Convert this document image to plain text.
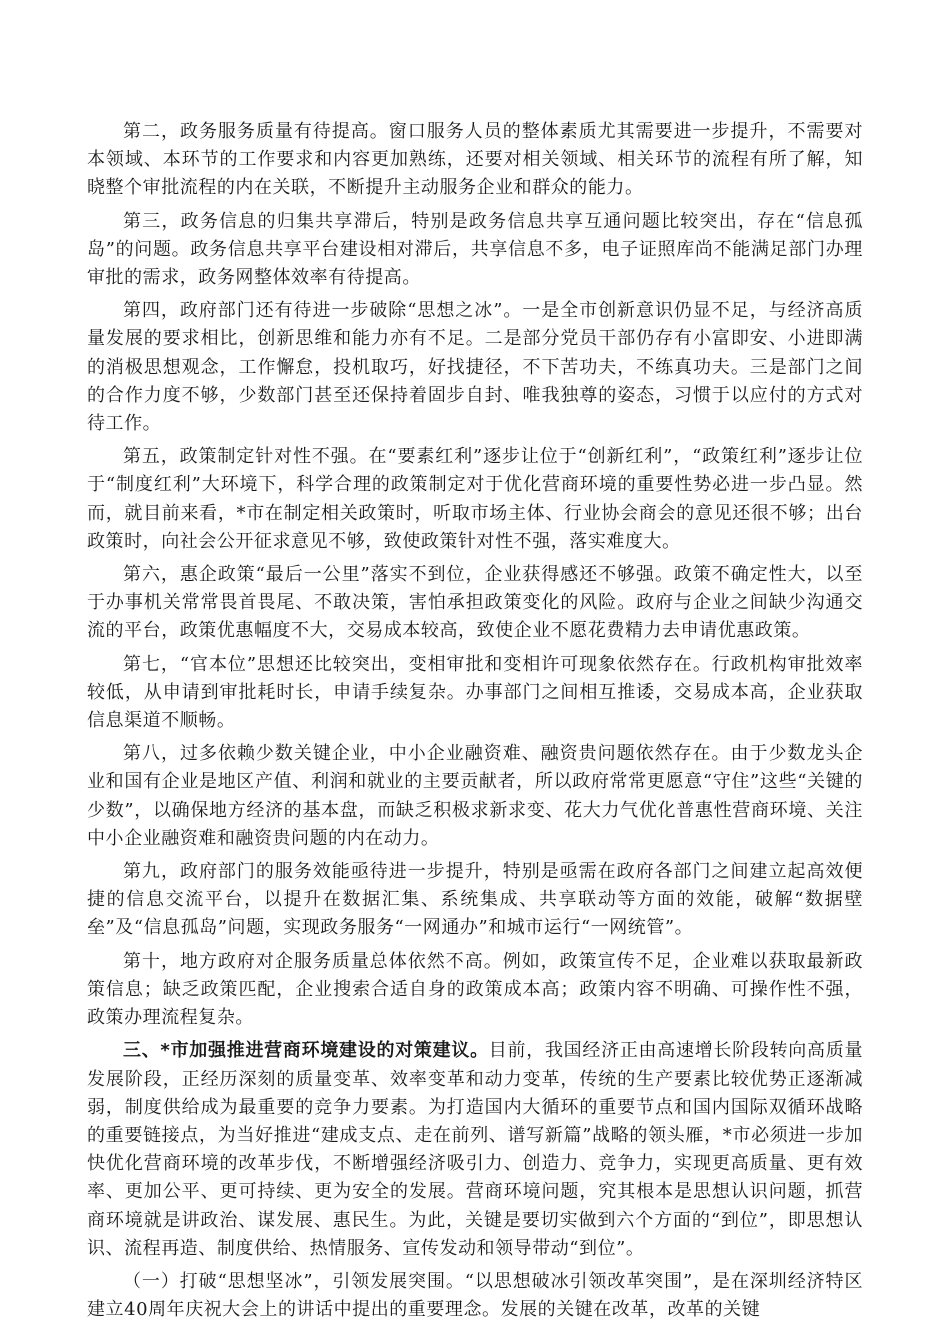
第二，政务服务质量有待提高。窗口服务人员的整体素质尤其需要进一步提升，不需要对本领域、本环节的工作要求和内容更加熟练，还要对相关领域、相关环节的流程有所了解，知晓整个审批流程的内在关联，不断提升主动服务企业和群众的能力。

第三，政务信息的归集共享滞后，特别是政务信息共享互通问题比较突出，存在“信息孤岛”的问题。政务信息共享平台建设相对滞后，共享信息不多，电子证照库尚不能满足部门办理审批的需求，政务网整体效率有待提高。

第四，政府部门还有待进一步破除“思想之冰”。一是全市创新意识仍显不足，与经济高质量发展的要求相比，创新思维和能力亦有不足。二是部分党员干部仍存有小富即安、小进即满的消极思想观念，工作懈怠，投机取巧，好找捷径，不下苦功夫，不练真功夫。三是部门之间的合作力度不够，少数部门甚至还保持着固步自封、唯我独尊的姿态，习惯于以应付的方式对待工作。

第五，政策制定针对性不强。在“要素红利”逐步让位于“创新红利”，“政策红利”逐步让位于“制度红利”大环境下，科学合理的政策制定对于优化营商环境的重要性势必进一步凸显。然而，就目前来看，*市在制定相关政策时，听取市场主体、行业协会商会的意见还很不够；出台政策时，向社会公开征求意见不够，致使政策针对性不强，落实难度大。

第六，惠企政策“最后一公里”落实不到位，企业获得感还不够强。政策不确定性大，以至于办事机关常常畏首畏尾、不敢决策，害怕承担政策变化的风险。政府与企业之间缺少沟通交流的平台，政策优惠幅度不大，交易成本较高，致使企业不愿花费精力去申请优惠政策。

第七，“官本位”思想还比较突出，变相审批和变相许可现象依然存在。行政机构审批效率较低，从申请到审批耗时长，申请手续复杂。办事部门之间相互推诿，交易成本高，企业获取信息渠道不顺畅。

第八，过多依赖少数关键企业，中小企业融资难、融资贵问题依然存在。由于少数龙头企业和国有企业是地区产值、利润和就业的主要贡献者，所以政府常常更愿意“守住”这些“关键的少数”，以确保地方经济的基本盘，而缺乏积极求新求变、花大力气优化普惠性营商环境、关注中小企业融资难和融资贵问题的内在动力。

第九，政府部门的服务效能亟待进一步提升，特别是亟需在政府各部门之间建立起高效便捷的信息交流平台，以提升在数据汇集、系统集成、共享联动等方面的效能，破解“数据壁垒”及“信息孤岛”问题，实现政务服务“一网通办”和城市运行“一网统管”。

第十，地方政府对企服务质量总体依然不高。例如，政策宣传不足，企业难以获取最新政策信息；缺乏政策匹配，企业搜索合适自身的政策成本高；政策内容不明确、可操作性不强，政策办理流程复杂。

三、*市加强推进营商环境建设的对策建议。目前，我国经济正由高速增长阶段转向高质量发展阶段，正经历深刻的质量变革、效率变革和动力变革，传统的生产要素比较优势正逐渐减弱，制度供给成为最重要的竞争力要素。为打造国内大循环的重要节点和国内国际双循环战略的重要链接点，为当好推进“建成支点、走在前列、谱写新篇”战略的领头雁，*市必须进一步加快优化营商环境的改革步伐，不断增强经济吸引力、创造力、竞争力，实现更高质量、更有效率、更加公平、更可持续、更为安全的发展。营商环境问题，究其根本是思想认识问题，抓营商环境就是讲政治、谋发展、惠民生。为此，关键是要切实做到六个方面的“到位”，即思想认识、流程再造、制度供给、热情服务、宣传发动和领导带动“到位”。

（一）打破“思想坚冰”，引领发展突围。“以思想破冰引领改革突围”，是在深圳经济特区建立40周年庆祝大会上的讲话中提出的重要理念。发展的关键在改革，改革的关键
